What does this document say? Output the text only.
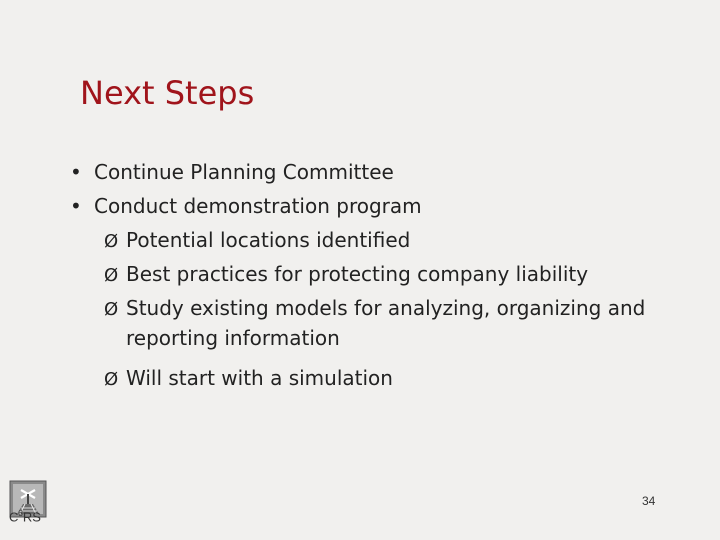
Next Steps
• Continue Planning Committee
• Conduct demonstration program
Ø Potential locations identified
Ø Best practices for protecting company liability
Ø Study existing models for analyzing, organizing and
reporting information
Ø Will start with a simulation
$C^3RS$
34
